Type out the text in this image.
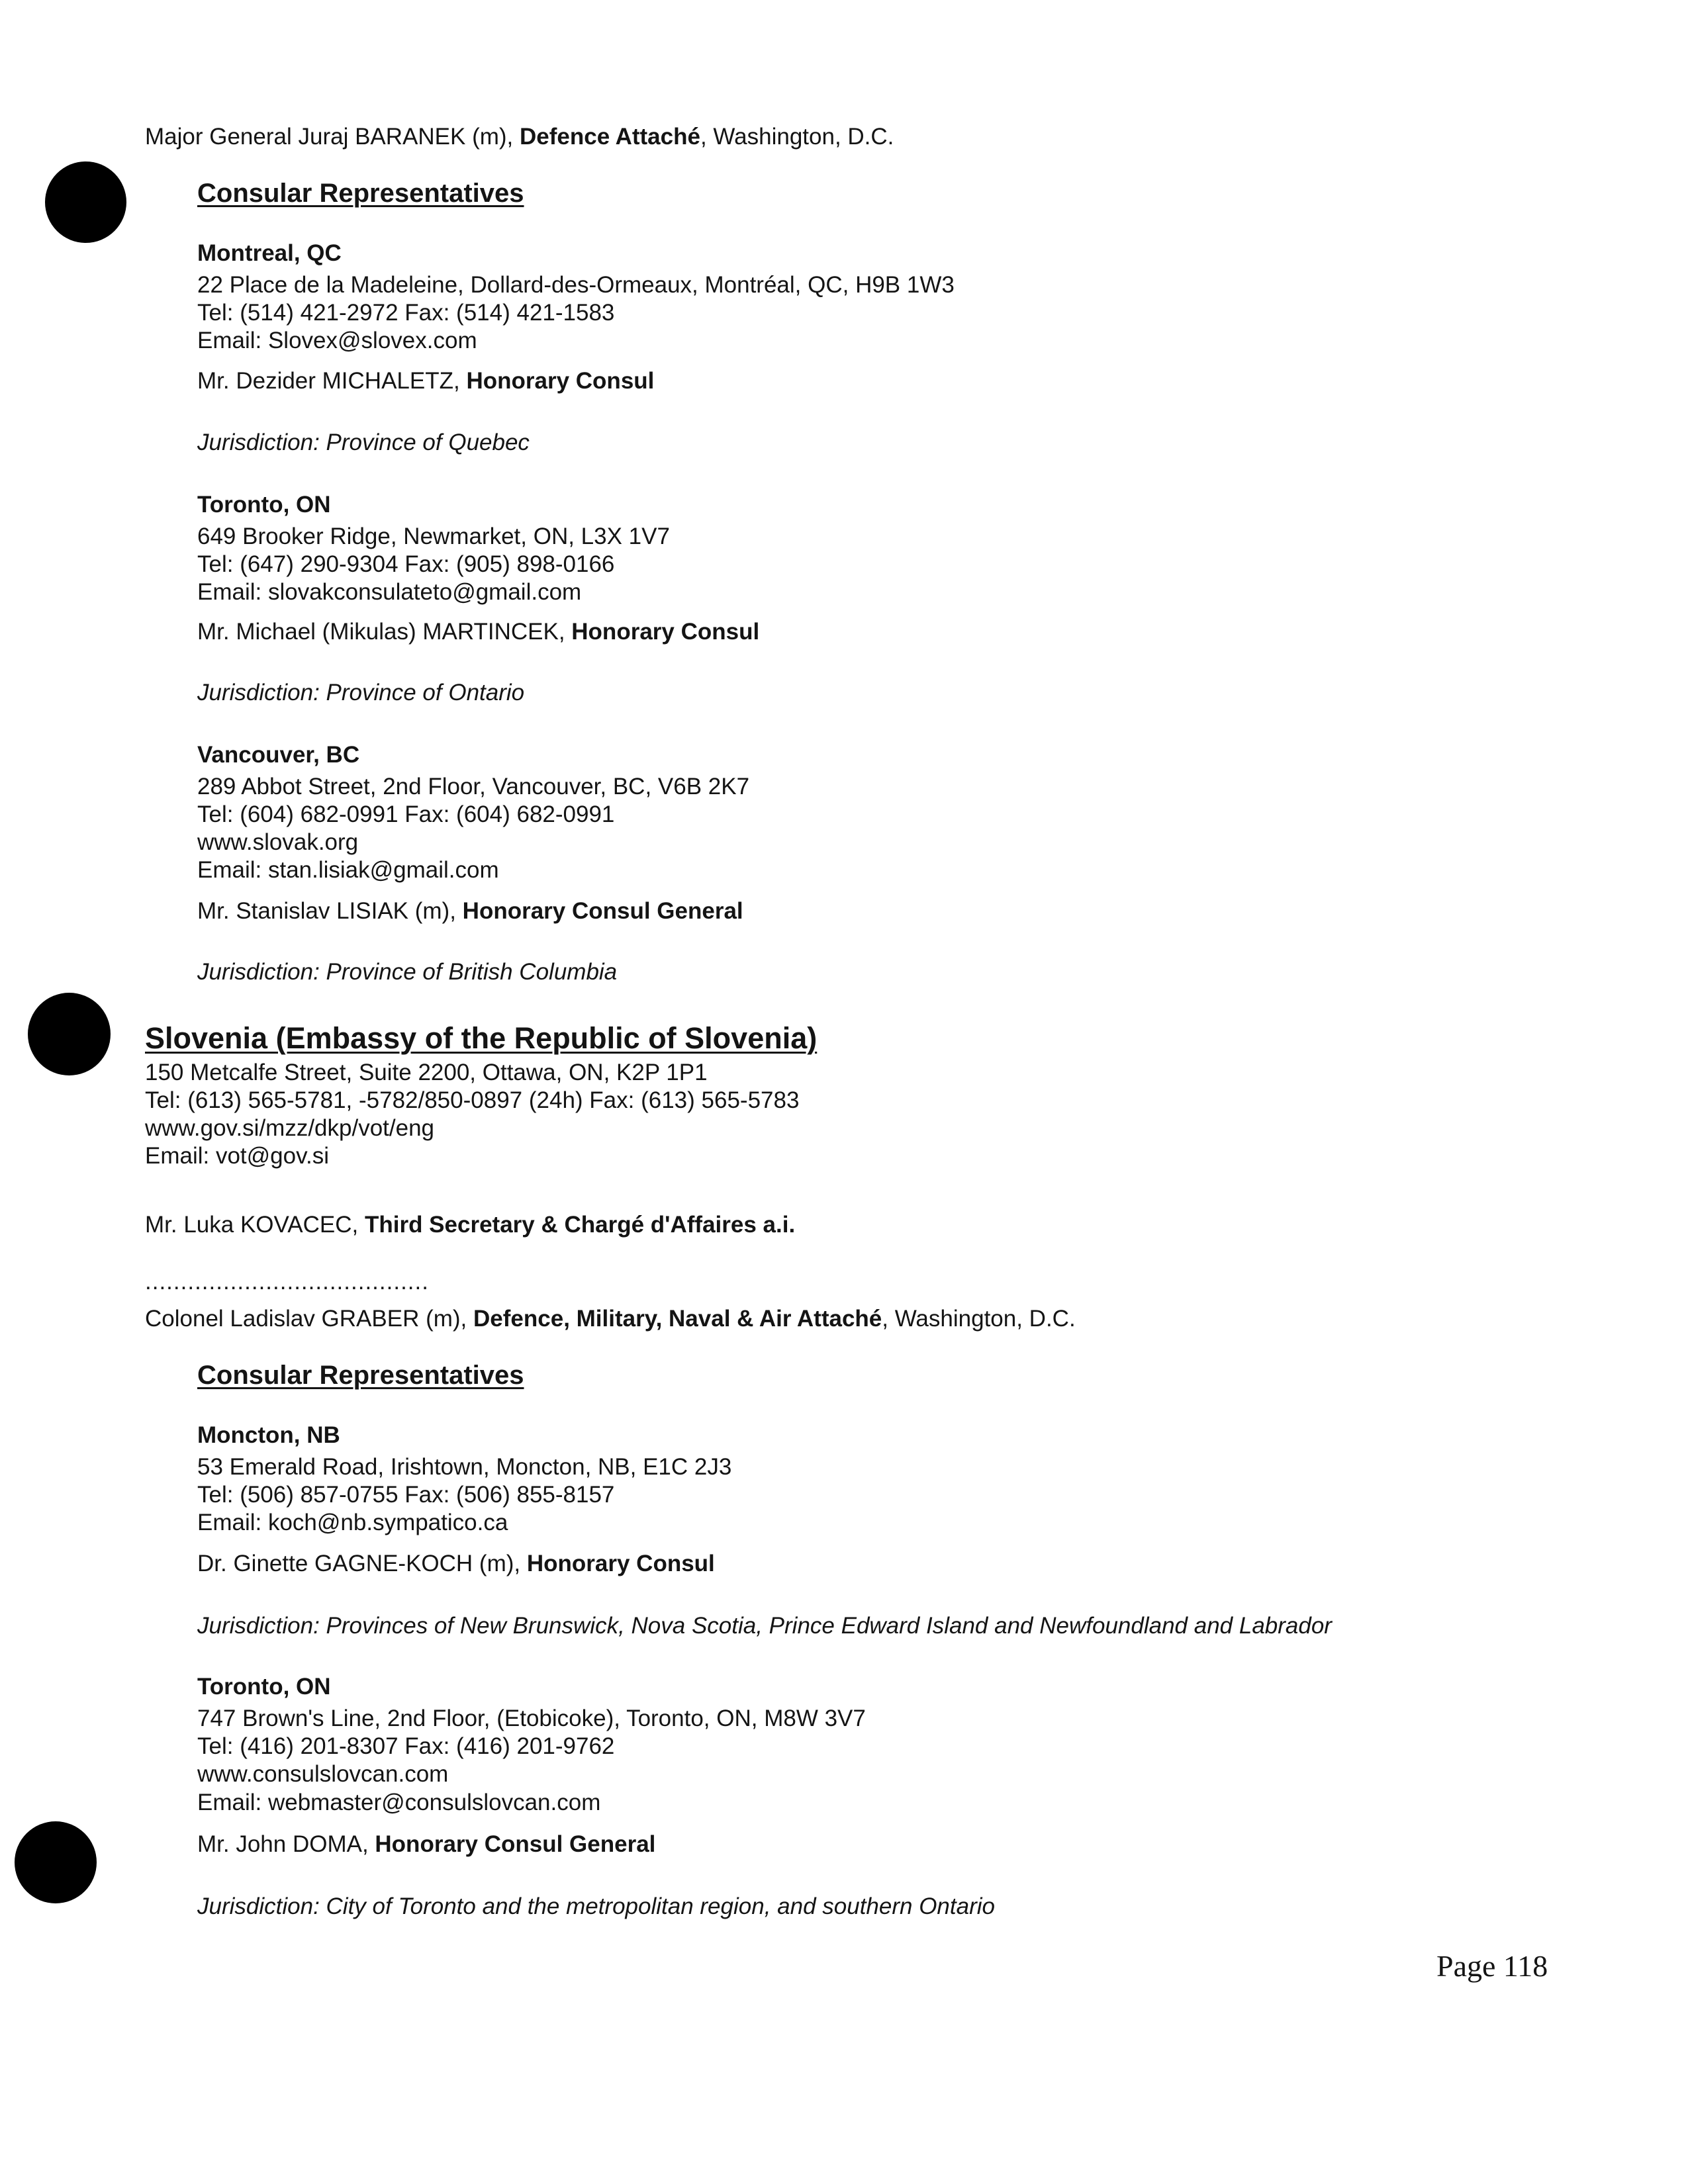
Major General Juraj BARANEK (m), Defence Attaché, Washington, D.C.
Consular Representatives
Montreal, QC
22 Place de la Madeleine, Dollard-des-Ormeaux, Montréal, QC, H9B 1W3
Tel: (514) 421-2972 Fax: (514) 421-1583
Email: Slovex@slovex.com
Mr. Dezider MICHALETZ, Honorary Consul
Jurisdiction: Province of Quebec
Toronto, ON
649 Brooker Ridge, Newmarket, ON, L3X 1V7
Tel: (647) 290-9304 Fax: (905) 898-0166
Email: slovakconsulateto@gmail.com
Mr. Michael (Mikulas) MARTINCEK, Honorary Consul
Jurisdiction: Province of Ontario
Vancouver, BC
289 Abbot Street, 2nd Floor, Vancouver, BC, V6B 2K7
Tel: (604) 682-0991 Fax: (604) 682-0991
www.slovak.org
Email: stan.lisiak@gmail.com
Mr. Stanislav LISIAK (m), Honorary Consul General
Jurisdiction: Province of British Columbia
Slovenia (Embassy of the Republic of Slovenia)
150 Metcalfe Street, Suite 2200, Ottawa, ON, K2P 1P1
Tel: (613) 565-5781, -5782/850-0897 (24h) Fax: (613) 565-5783
www.gov.si/mzz/dkp/vot/eng
Email: vot@gov.si
Mr. Luka KOVACEC, Third Secretary & Chargé d'Affaires a.i.
........................................
Colonel Ladislav GRABER (m), Defence, Military, Naval & Air Attaché, Washington, D.C.
Consular Representatives
Moncton, NB
53 Emerald Road, Irishtown, Moncton, NB, E1C 2J3
Tel: (506) 857-0755 Fax: (506) 855-8157
Email: koch@nb.sympatico.ca
Dr. Ginette GAGNE-KOCH (m), Honorary Consul
Jurisdiction: Provinces of New Brunswick, Nova Scotia, Prince Edward Island and Newfoundland and Labrador
Toronto, ON
747 Brown's Line, 2nd Floor, (Etobicoke), Toronto, ON, M8W 3V7
Tel: (416) 201-8307 Fax: (416) 201-9762
www.consulslovcan.com
Email: webmaster@consulslovcan.com
Mr. John DOMA, Honorary Consul General
Jurisdiction: City of Toronto and the metropolitan region, and southern Ontario
Page 118
